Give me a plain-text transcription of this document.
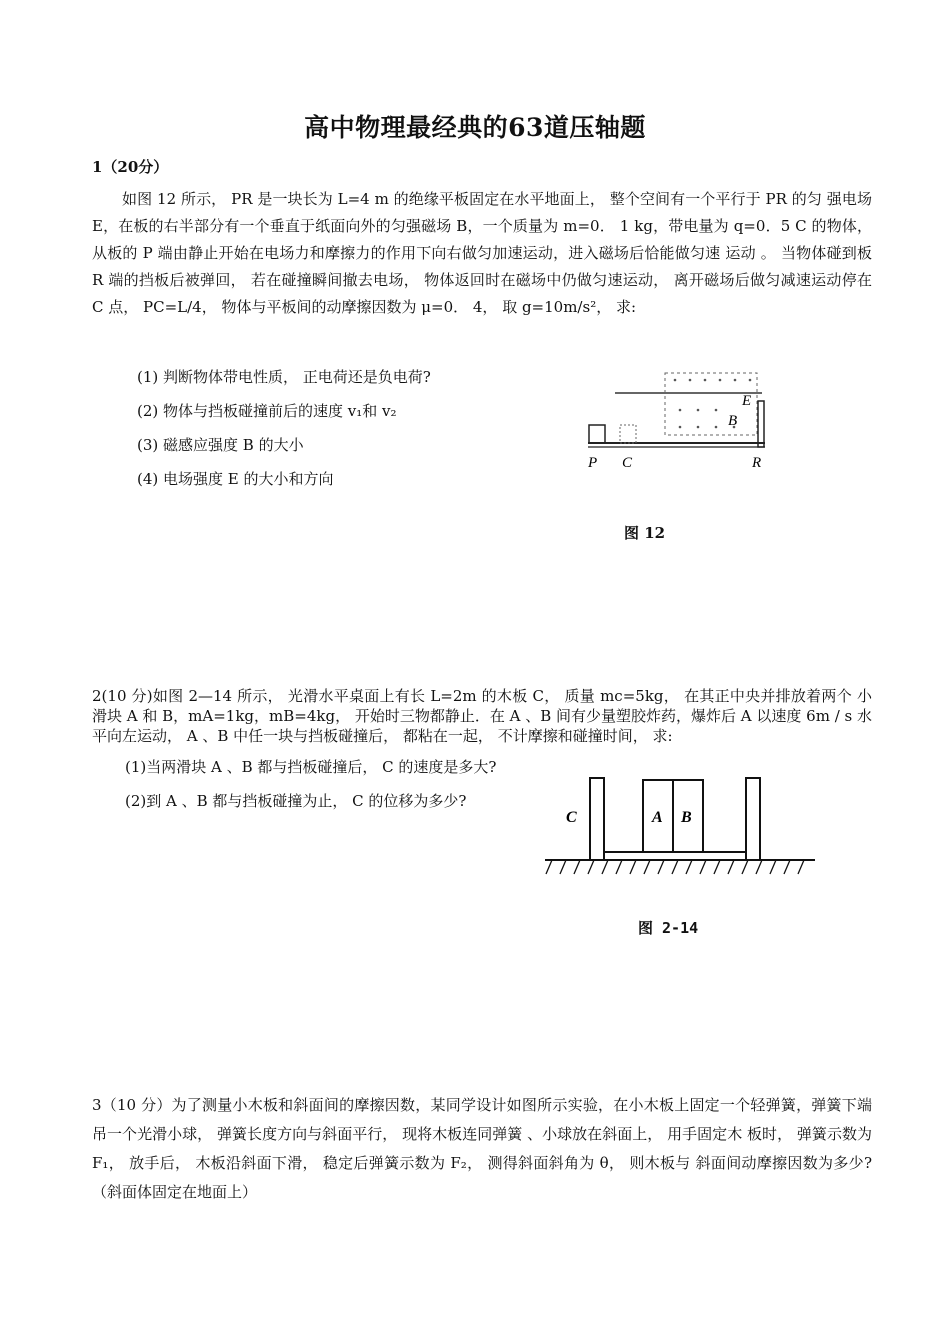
高中物理最经典的63道压轴题
1（20分）
如图 12 所示， PR 是一块长为 L=4 m 的绝缘平板固定在水平地面上， 整个空间有一个平行于 PR 的匀 强电场 E，在板的右半部分有一个垂直于纸面向外的匀强磁场 B，一个质量为 m=0． 1 kg，带电量为 q=0．5 C 的物体， 从板的 P 端由静止开始在电场力和摩擦力的作用下向右做匀加速运动，进入磁场后恰能做匀速 运动 。 当物体碰到板 R 端的挡板后被弹回， 若在碰撞瞬间撤去电场， 物体返回时在磁场中仍做匀速运动， 离开磁场后做匀减速运动停在 C 点， PC=L/4， 物体与平板间的动摩擦因数为 μ=0． 4， 取 g=10m/s²， 求:
(1) 判断物体带电性质， 正电荷还是负电荷?
(2) 物体与挡板碰撞前后的速度 v₁和 v₂
(3) 磁感应强度 B 的大小
(4) 电场强度 E 的大小和方向
P C	R
E
B
图 12
2(10 分)如图 2—14 所示， 光滑水平桌面上有长 L=2m 的木板 C， 质量 mc=5kg， 在其正中央并排放着两个 小滑块 A 和 B，mA=1kg，mB=4kg， 开始时三物都静止．在 A 、B 间有少量塑胶炸药，爆炸后 A 以速度 6m / s 水平向左运动， A 、B 中任一块与挡板碰撞后， 都粘在一起， 不计摩擦和碰撞时间， 求:
(1)当两滑块 A 、B 都与挡板碰撞后， C 的速度是多大?
(2)到 A 、B 都与挡板碰撞为止， C 的位移为多少?
C	A B
图 2-14
3（10 分）为了测量小木板和斜面间的摩擦因数，某同学设计如图所示实验，在小木板上固定一个轻弹簧，弹簧下端吊一个光滑小球， 弹簧长度方向与斜面平行， 现将木板连同弹簧 、小球放在斜面上， 用手固定木 板时， 弹簧示数为 F₁， 放手后， 木板沿斜面下滑， 稳定后弹簧示数为 F₂， 测得斜面斜角为 θ， 则木板与 斜面间动摩擦因数为多少? （斜面体固定在地面上）
